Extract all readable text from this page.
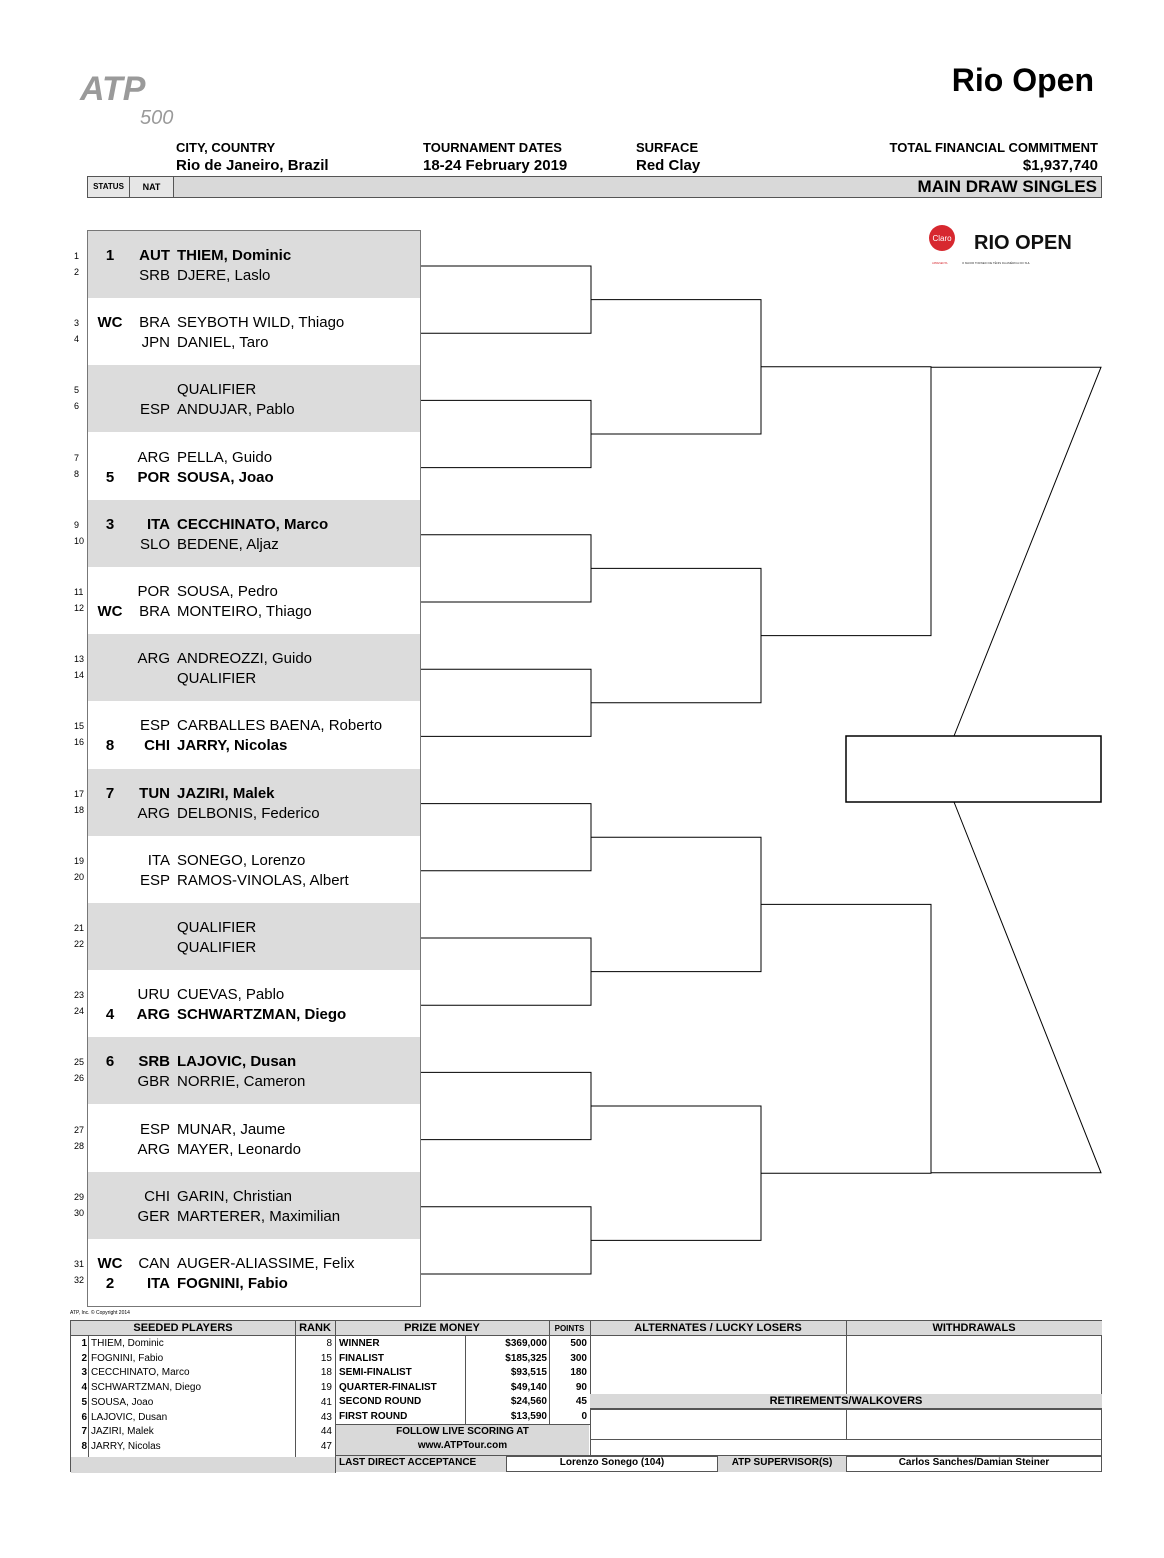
ATP
500
Rio Open
CITY, COUNTRY
Rio de Janeiro, Brazil
TOURNAMENT DATES
18-24 February 2019
SURFACE
Red Clay
TOTAL FINANCIAL COMMITMENT
$1,937,740
STATUS	NAT	MAIN DRAW SINGLES
Claro RIO OPEN
APRESENTA	O MAIOR TORNEIO DE TÊNIS DA AMÉRICA DO SUL
1
2
3
4
5
6
7
8
9
10
11
12
13
14
15
16
17
18
19
20
21
22
23
24
25
26
27
28
29
30
31
32
1	AUT THIEM, Dominic
SRB DJERE, Laslo
WC	BRA SEYBOTH WILD, Thiago
JPN DANIEL, Taro
QUALIFIER
ESP ANDUJAR, Pablo
ARG PELLA, Guido
5	POR SOUSA, Joao
3	ITA CECCHINATO, Marco
SLO BEDENE, Aljaz
POR SOUSA, Pedro
WC	BRA MONTEIRO, Thiago
ARG ANDREOZZI, Guido
QUALIFIER
ESP CARBALLES BAENA, Roberto
8	CHI JARRY, Nicolas
7	TUN JAZIRI, Malek
ARG DELBONIS, Federico
ITA SONEGO, Lorenzo
ESP RAMOS-VINOLAS, Albert
QUALIFIER
QUALIFIER
URU CUEVAS, Pablo
4	ARG SCHWARTZMAN, Diego
6	SRB LAJOVIC, Dusan
GBR NORRIE, Cameron
ESP MUNAR, Jaume
ARG MAYER, Leonardo
CHI GARIN, Christian
GER MARTERER, Maximilian
WC	CAN AUGER-ALIASSIME, Felix
2	ITA FOGNINI, Fabio
ATP, Inc. © Copyright 2014
SEEDED PLAYERS	RANK	PRIZE MONEY	POINTS	ALTERNATES / LUCKY LOSERS	WITHDRAWALS
RETIREMENTS/WALKOVERS
1 THIEM, Dominic	8
2 FOGNINI, Fabio	15
3 CECCHINATO, Marco	18
4 SCHWARTZMAN, Diego	19
5 SOUSA, Joao	41
6 LAJOVIC, Dusan	43
7 JAZIRI, Malek	44
8 JARRY, Nicolas	47
WINNER	$369,000	500
FINALIST	$185,325	300
SEMI-FINALIST	$93,515	180
QUARTER-FINALIST	$49,140	90
SECOND ROUND	$24,560	45
FIRST ROUND	$13,590	0
FOLLOW LIVE SCORING AT
www.ATPTour.com
LAST DIRECT ACCEPTANCE	Lorenzo Sonego (104)	ATP SUPERVISOR(S)	Carlos Sanches/Damian Steiner
